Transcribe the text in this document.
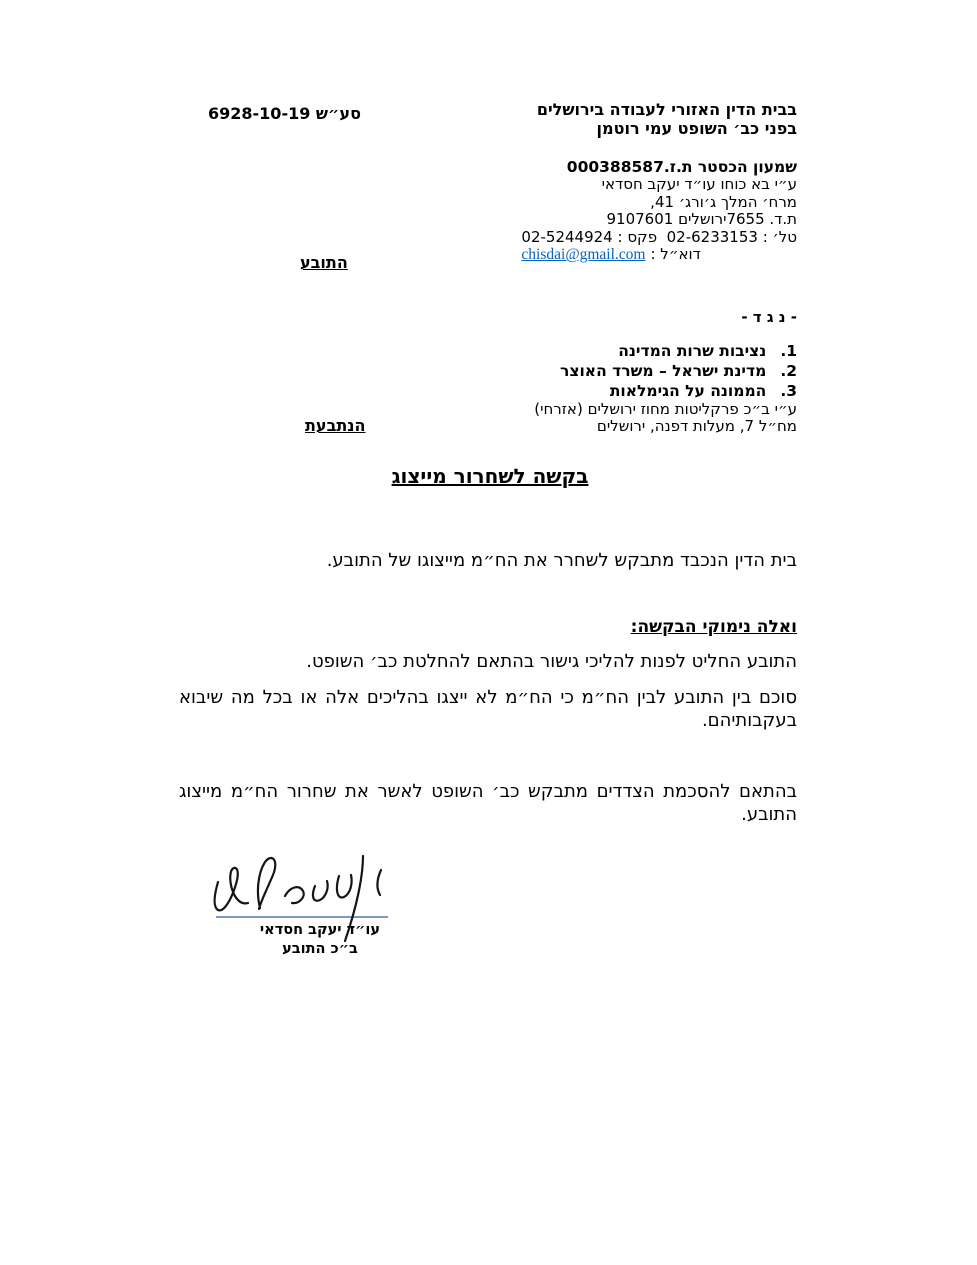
בבית הדין האזורי לעבודה בירושלים
בפני כב׳ השופט עמי רוטמן
סע״ש 6928-10-19
שמעון הכסטר ת.ז.000388587
ע״י בא כוחו עו״ד יעקב חסדאי
מרח׳ המלך ג׳ורג׳ 41,
ת.ד. 7655ירושלים 9107601
טל׳ : 02-6233153  פקס : 02-5244924
דוא״ל :
chisdai@gmail.com
התובע
- נ ג ד -
1.
נציבות שרות המדינה
2.
מדינת ישראל – משרד האוצר
3.
הממונה על הגימלאות
ע״י ב״כ פרקליטות מחוז ירושלים (אזרחי)
מח״ל 7, מעלות דפנה, ירושלים
הנתבעת
בקשה לשחרור מייצוג
בית הדין הנכבד מתבקש לשחרר את הח״מ מייצוגו של התובע.
ואלה נימוקי הבקשה:
התובע החליט לפנות להליכי גישור בהתאם להחלטת כב׳ השופט.
סוכם בין התובע לבין הח״מ כי הח״מ לא ייצגו בהליכים אלה או בכל מה שיבוא בעקבותיהם.
בהתאם להסכמת הצדדים מתבקש כב׳ השופט לאשר את שחרור הח״מ מייצוג התובע.
עו״ד יעקב חסדאי
ב״כ התובע
